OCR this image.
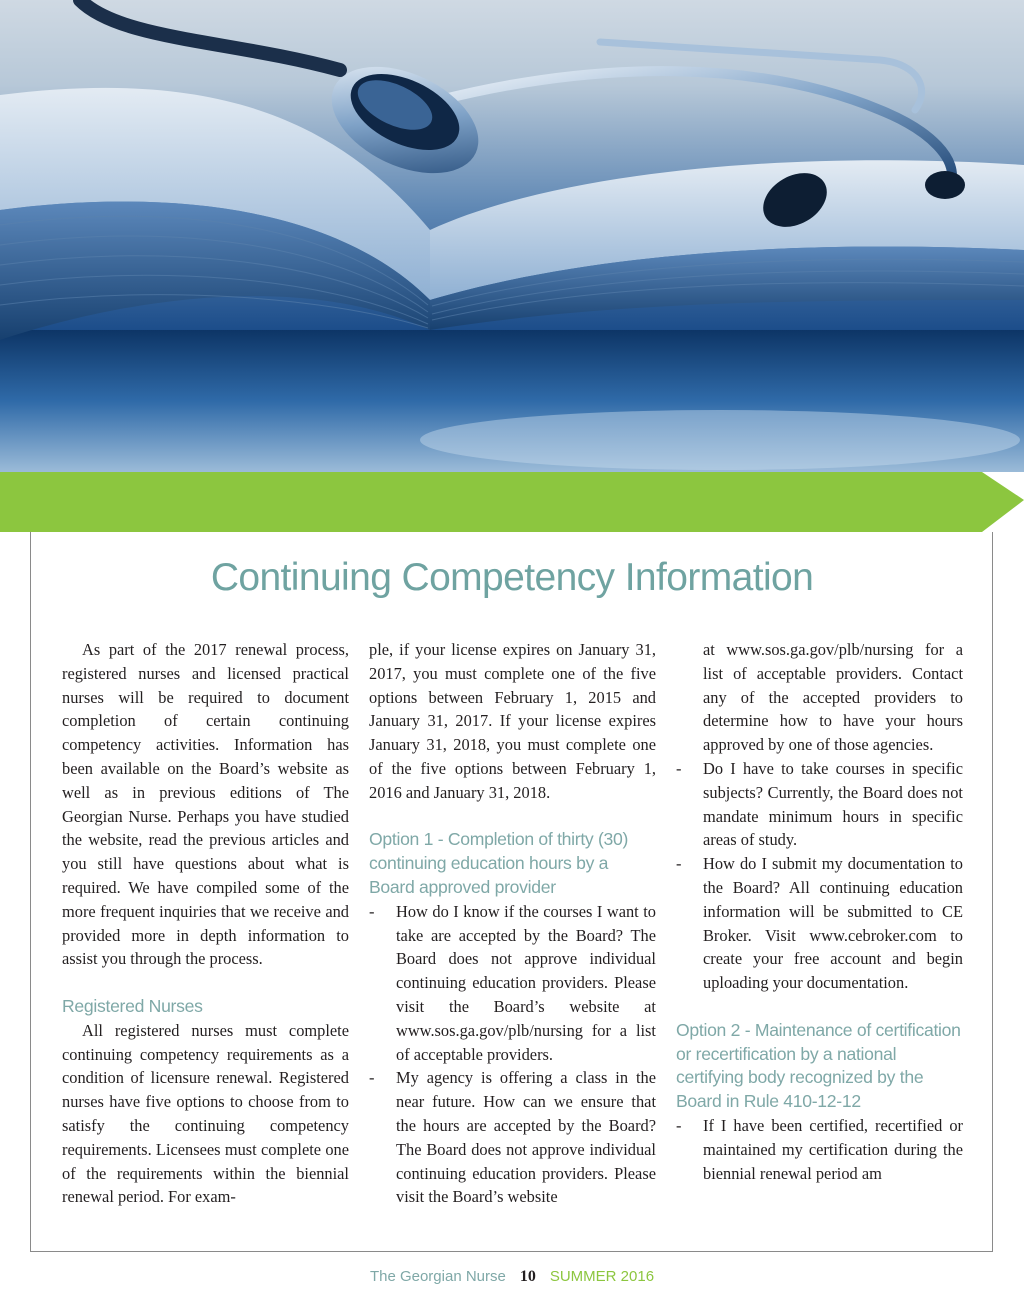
Continuing Competency Information

As part of the 2017 renewal process, registered nurses and licensed practical nurses will be required to document completion of certain continuing competency activities. Information has been available on the Board’s website as well as in previous editions of The Georgian Nurse. Perhaps you have studied the website, read the previous articles and you still have questions about what is required. We have compiled some of the more frequent inquiries that we receive and provided more in depth information to assist you through the process.

Registered Nurses

All registered nurses must complete continuing competency requirements as a condition of licensure renewal. Registered nurses have five options to choose from to satisfy the continuing competency requirements. Licensees must complete one of the requirements within the biennial renewal period. For exam-

ple, if your license expires on January 31, 2017, you must complete one of the five options between February 1, 2015 and January 31, 2017. If your license expires January 31, 2018, you must complete one of the five options between February 1, 2016 and January 31, 2018.

Option 1 - Completion of thirty (30) continuing education hours by a Board approved provider

- How do I know if the courses I want to take are accepted by the Board? The Board does not approve individual continuing education providers. Please visit the Board’s website at www.sos.ga.gov/plb/nursing for a list of acceptable providers.

- My agency is offering a class in the near future. How can we ensure that the hours are accepted by the Board? The Board does not approve individual continuing education providers. Please visit the Board’s website

at www.sos.ga.gov/plb/nursing for a list of acceptable providers. Contact any of the accepted providers to determine how to have your hours approved by one of those agencies.

- Do I have to take courses in specific subjects? Currently, the Board does not mandate minimum hours in specific areas of study.

- How do I submit my documentation to the Board? All continuing education information will be submitted to CE Broker. Visit www.cebroker.com to create your free account and begin uploading your documentation.

Option 2 - Maintenance of certification or recertification by a national certifying body recognized by the Board in Rule 410-12-12

- If I have been certified, recertified or maintained my certification during the biennial renewal period am

The Georgian Nurse 10 SUMMER 2016
